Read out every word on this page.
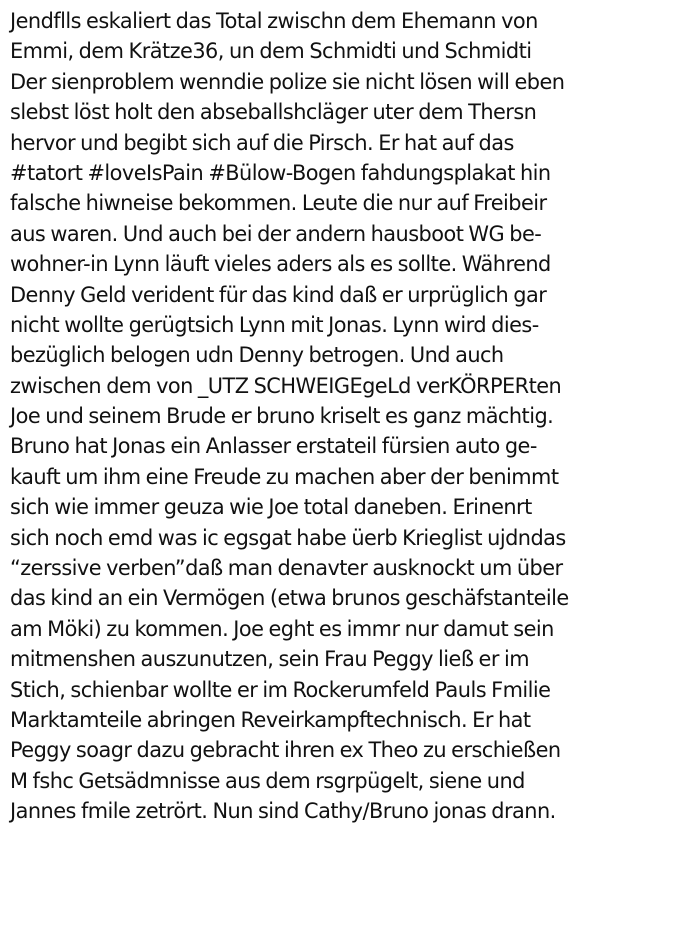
Jendflls eskaliert das Total zwischn dem Ehemann von
Emmi, dem Krätze36, un dem Schmidti und Schmidti
Der sienproblem wenndie polize sie nicht lösen will eben
slebst löst holt den abseballshcläger uter dem Thersn
hervor und begibt sich auf die Pirsch. Er hat auf das
#tatort #loveIsPain #Bülow-Bogen fahdungsplakat hin
falsche hiwneise bekommen. Leute die nur auf Freibeir
aus waren. Und auch bei der andern hausboot WG be-
wohner-in Lynn läuft vieles aders als es sollte. Während
Denny Geld verident für das kind daß er urprüglich gar
nicht wollte gerügtsich Lynn mit Jonas. Lynn wird dies-
bezüglich belogen udn Denny betrogen. Und auch
zwischen dem von _UTZ SCHWEIGEgeLd verKÖRPERten
Joe und seinem Brude er bruno kriselt es ganz mächtig.
Bruno hat Jonas ein Anlasser erstateil fürsien auto ge-
kauft um ihm eine Freude zu machen aber der benimmt
sich wie immer geuza wie Joe total daneben. Erinenrt
sich noch emd was ic egsgat habe üerb Krieglist ujdndas
“zerssive verben”daß man denavter ausknockt um über
das kind an ein Vermögen (etwa brunos geschäfstanteile
am Möki) zu kommen. Joe eght es immr nur damut sein
mitmenshen auszunutzen, sein Frau Peggy ließ er im
Stich, schienbar wollte er im Rockerumfeld Pauls Fmilie
Marktamteile abringen Reveirkampftechnisch. Er hat
Peggy soagr dazu gebracht ihren ex Theo zu erschießen
M fshc Getsädmnisse aus dem rsgrpügelt, siene und
Jannes fmile zetrört. Nun sind Cathy/Bruno jonas drann.
